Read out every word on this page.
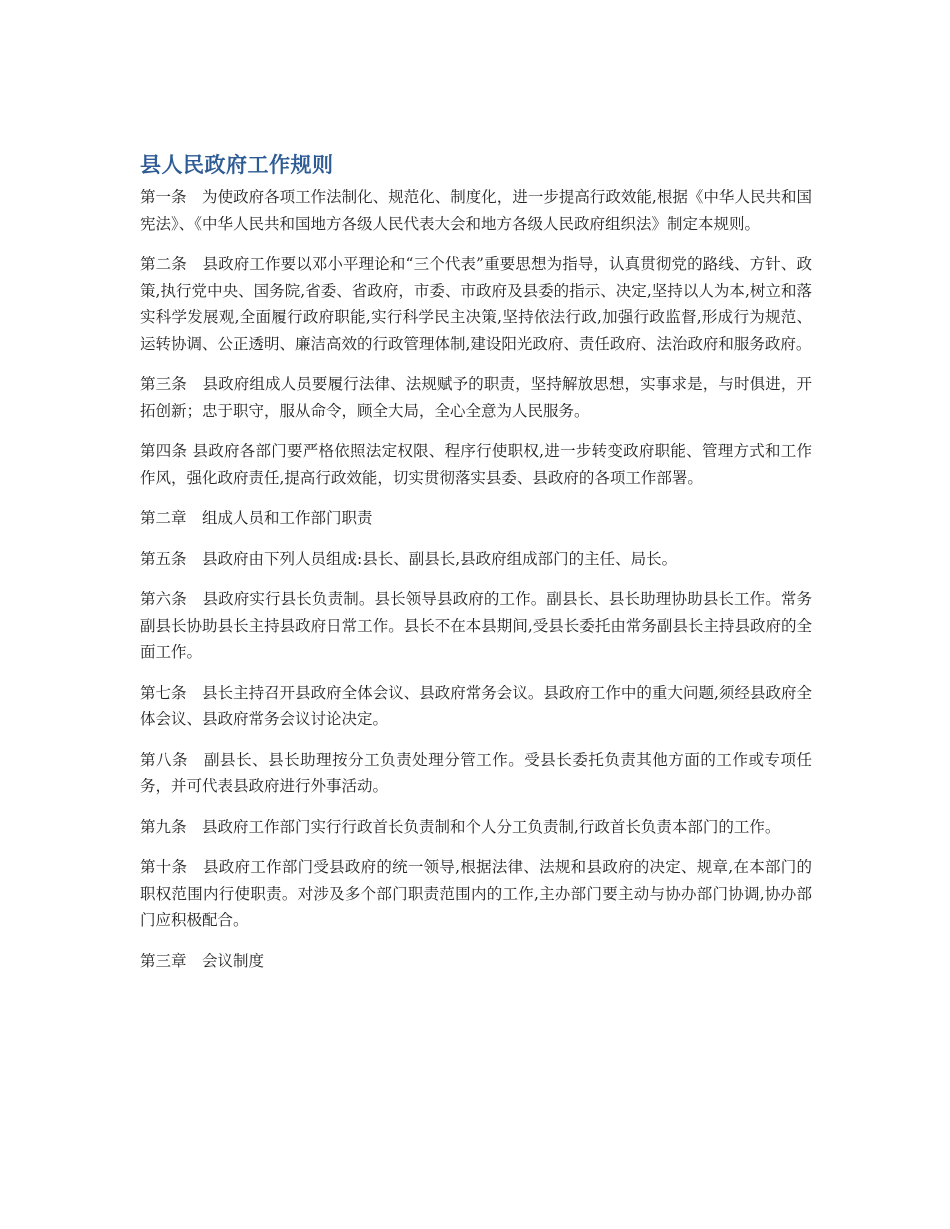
县人民政府工作规则

第一条　为使政府各项工作法制化、规范化、制度化，进一步提高行政效能,根据《中华人民共和国宪法》、《中华人民共和国地方各级人民代表大会和地方各级人民政府组织法》制定本规则。

第二条　县政府工作要以邓小平理论和“三个代表”重要思想为指导，认真贯彻党的路线、方针、政策,执行党中央、国务院,省委、省政府，市委、市政府及县委的指示、决定,坚持以人为本,树立和落实科学发展观,全面履行政府职能,实行科学民主决策,坚持依法行政,加强行政监督,形成行为规范、运转协调、公正透明、廉洁高效的行政管理体制,建设阳光政府、责任政府、法治政府和服务政府。

第三条　县政府组成人员要履行法律、法规赋予的职责，坚持解放思想，实事求是，与时俱进，开拓创新；忠于职守，服从命令，顾全大局，全心全意为人民服务。

第四条 县政府各部门要严格依照法定权限、程序行使职权,进一步转变政府职能、管理方式和工作作风，强化政府责任,提高行政效能，切实贯彻落实县委、县政府的各项工作部署。

第二章　组成人员和工作部门职责

第五条　县政府由下列人员组成:县长、副县长,县政府组成部门的主任、局长。

第六条　县政府实行县长负责制。县长领导县政府的工作。副县长、县长助理协助县长工作。常务副县长协助县长主持县政府日常工作。县长不在本县期间,受县长委托由常务副县长主持县政府的全面工作。

第七条　县长主持召开县政府全体会议、县政府常务会议。县政府工作中的重大问题,须经县政府全体会议、县政府常务会议讨论决定。

第八条　副县长、县长助理按分工负责处理分管工作。受县长委托负责其他方面的工作或专项任务，并可代表县政府进行外事活动。

第九条　县政府工作部门实行行政首长负责制和个人分工负责制,行政首长负责本部门的工作。

第十条　县政府工作部门受县政府的统一领导,根据法律、法规和县政府的决定、规章,在本部门的职权范围内行使职责。对涉及多个部门职责范围内的工作,主办部门要主动与协办部门协调,协办部门应积极配合。

第三章　会议制度
